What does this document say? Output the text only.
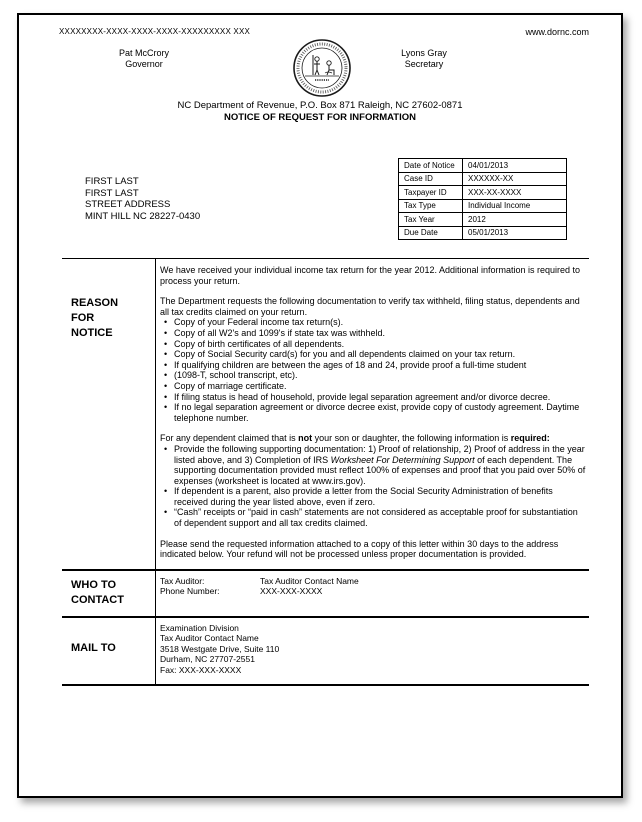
XXXXXXXX-XXXX-XXXX-XXXX-XXXXXXXXX XXX	www.dornc.com
Pat McCrory
Governor
Lyons Gray
Secretary
NC Department of Revenue, P.O. Box 871 Raleigh, NC 27602-0871
NOTICE OF REQUEST FOR INFORMATION
FIRST LAST
FIRST LAST
STREET ADDRESS
MINT HILL NC 28227-0430
Date of Notice	04/01/2013
Case ID	XXXXXX-XX
Taxpayer ID	XXX-XX-XXXX
Tax Type	Individual Income
Tax Year	2012
Due Date	05/01/2013
REASON
FOR
NOTICE

We have received your individual income tax return for the year 2012. Additional information is required to process your return.

The Department requests the following documentation to verify tax withheld, filing status, dependents and all tax credits claimed on your return.

• Copy of your Federal income tax return(s).
• Copy of all W2's and 1099's if state tax was withheld.
• Copy of birth certificates of all dependents.
• Copy of Social Security card(s) for you and all dependents claimed on your tax return.
• If qualifying children are between the ages of 18 and 24, provide proof a full-time student
• (1098-T, school transcript, etc).
• Copy of marriage certificate.
• If filing status is head of household, provide legal separation agreement and/or divorce decree.
• If no legal separation agreement or divorce decree exist, provide copy of custody agreement. Daytime telephone number.

For any dependent claimed that is not your son or daughter, the following information is required:

• Provide the following supporting documentation: 1) Proof of relationship, 2) Proof of address in the year listed above, and 3) Completion of IRS Worksheet For Determining Support of each dependent. The supporting documentation provided must reflect 100% of expenses and proof that you paid over 50% of expenses (worksheet is located at www.irs.gov).
• If dependent is a parent, also provide a letter from the Social Security Administration of benefits received during the year listed above, even if zero.
• “Cash” receipts or “paid in cash” statements are not considered as acceptable proof for substantiation of dependent support and all tax credits claimed.

Please send the requested information attached to a copy of this letter within 30 days to the address indicated below. Your refund will not be processed unless proper documentation is provided.

WHO TO
CONTACT
Tax Auditor:	Tax Auditor Contact Name
Phone Number:	XXX-XXX-XXXX
MAIL TO
Examination Division
Tax Auditor Contact Name
3518 Westgate Drive, Suite 110
Durham, NC 27707-2551
Fax: XXX-XXX-XXXX
